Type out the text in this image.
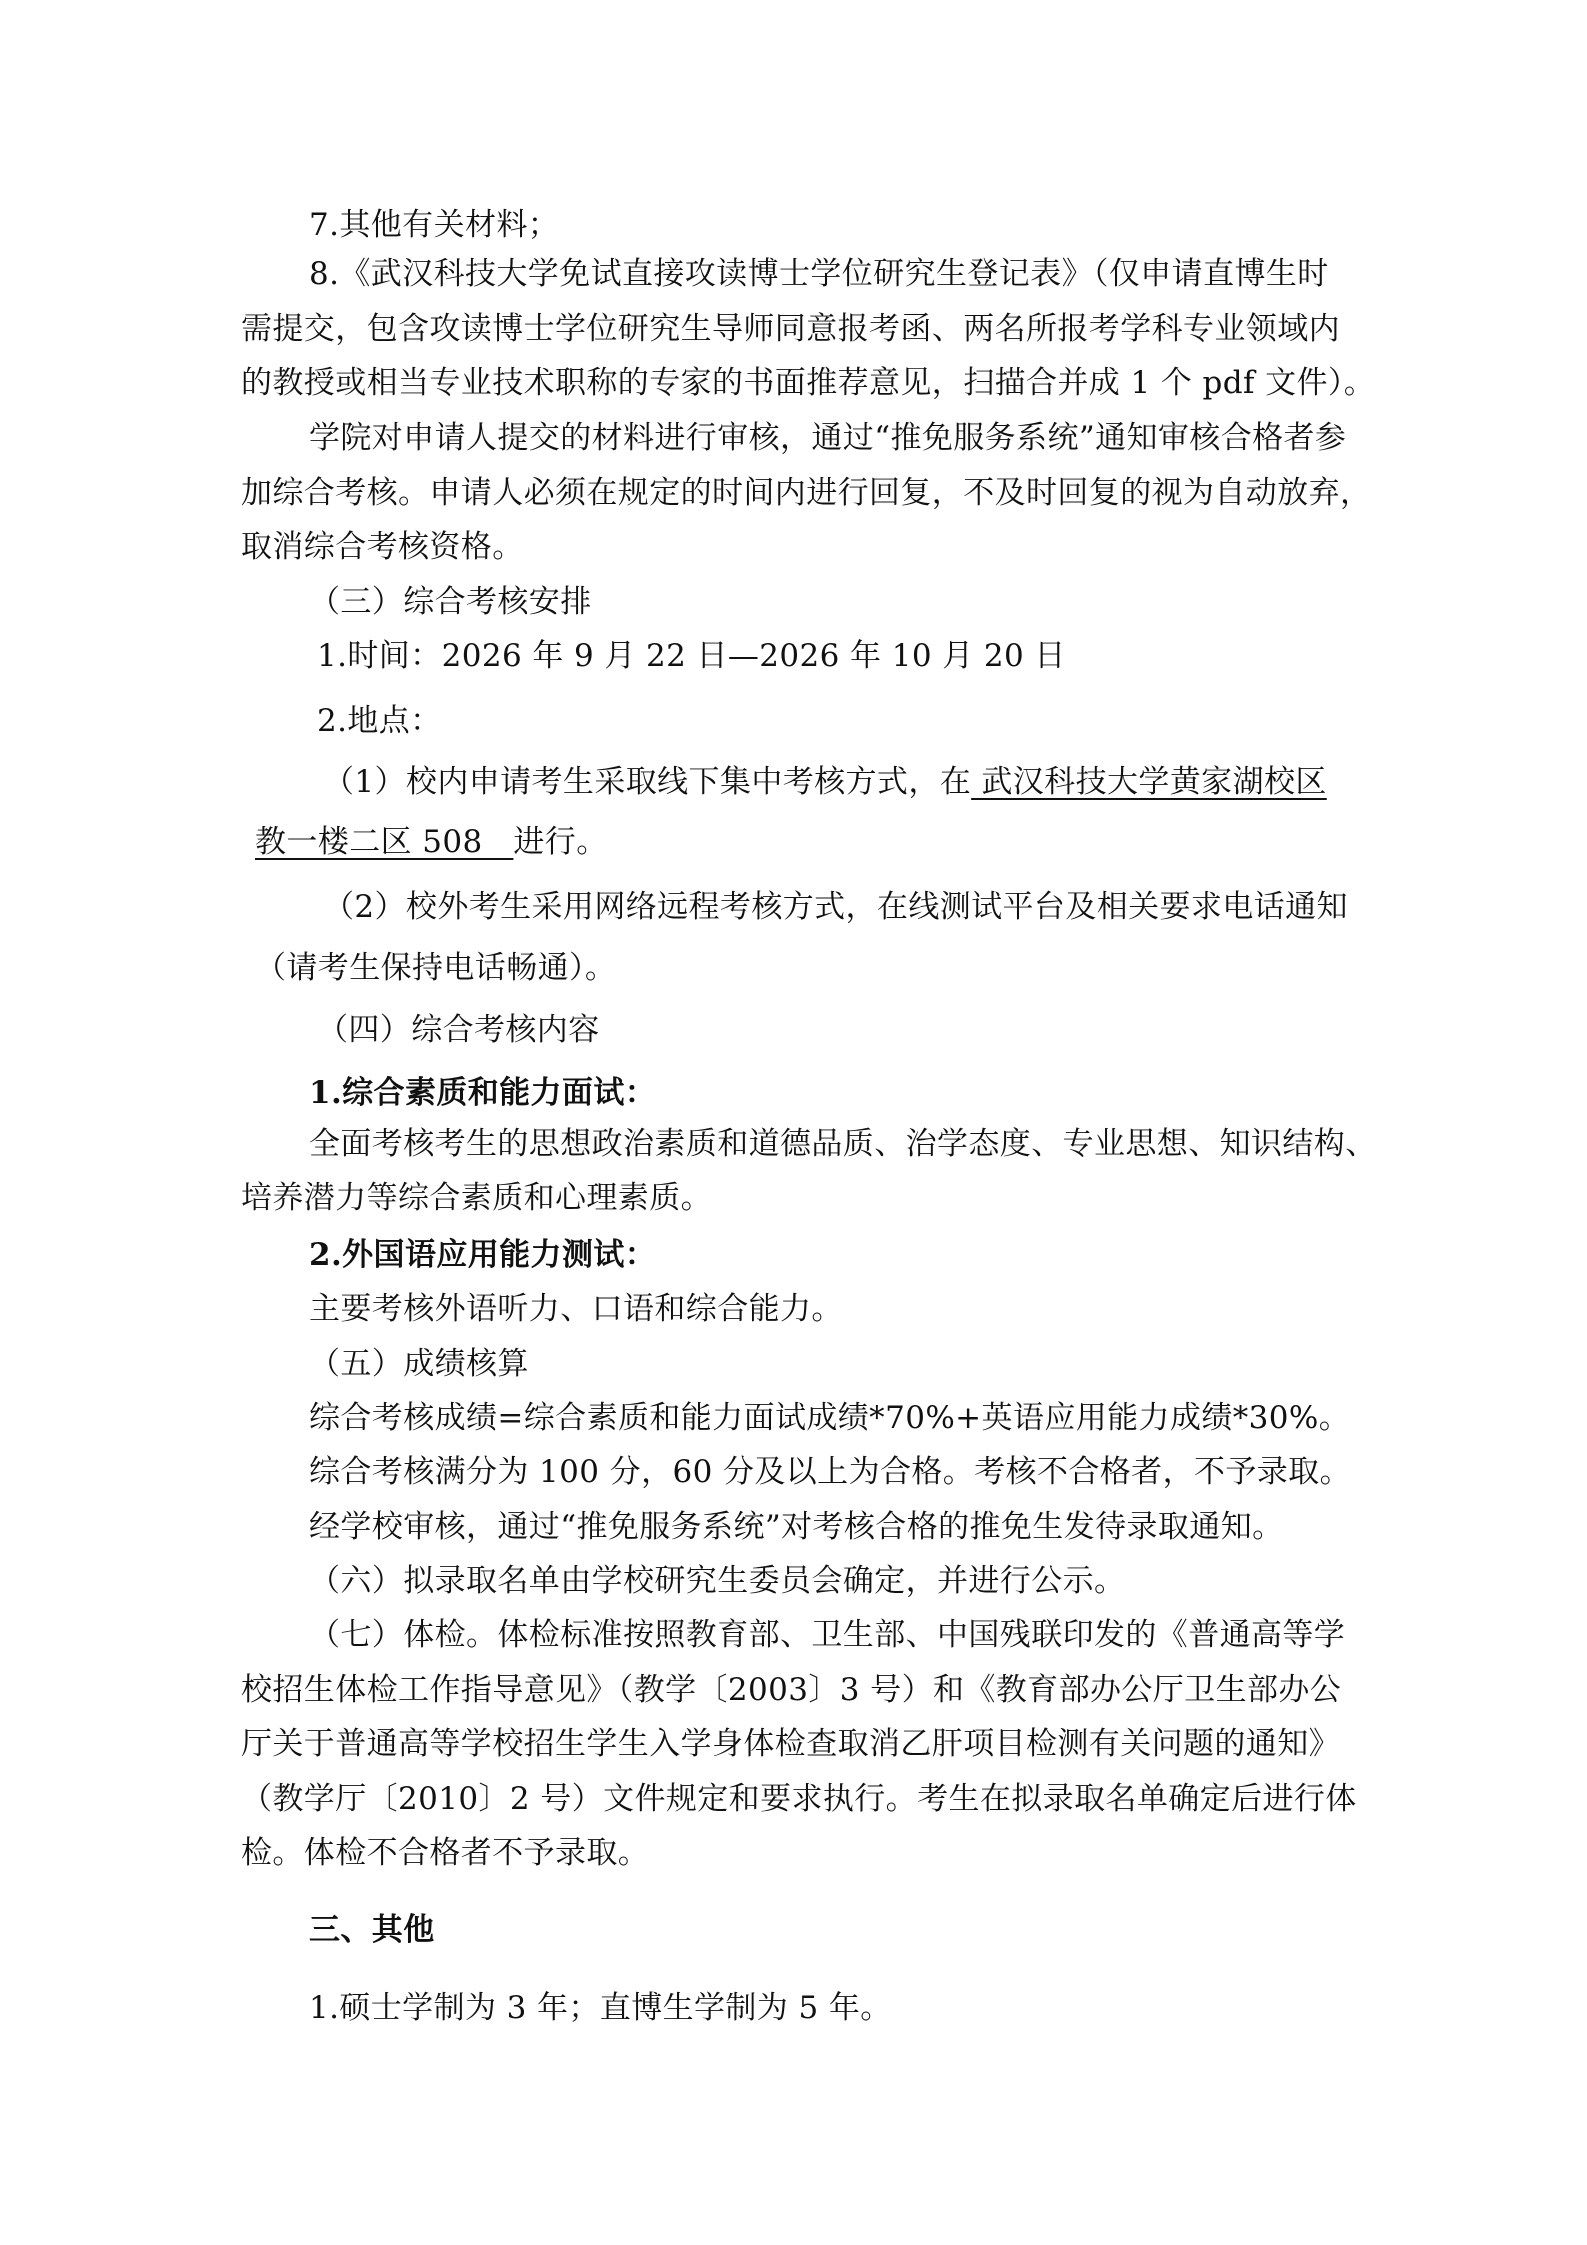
7.其他有关材料；

8.《武汉科技大学免试直接攻读博士学位研究生登记表》（仅申请直博生时

需提交，包含攻读博士学位研究生导师同意报考函、两名所报考学科专业领域内

的教授或相当专业技术职称的专家的书面推荐意见，扫描合并成 1 个 pdf 文件）。

学院对申请人提交的材料进行审核，通过“推免服务系统”通知审核合格者参

加综合考核。申请人必须在规定的时间内进行回复，不及时回复的视为自动放弃，

取消综合考核资格。

（三）综合考核安排

1.时间：2026 年 9 月 22 日—2026 年 10 月 20 日

2.地点：

（1）校内申请考生采取线下集中考核方式，在 武汉科技大学黄家湖校区

教一楼二区 508   进行。

（2）校外考生采用网络远程考核方式，在线测试平台及相关要求电话通知

（请考生保持电话畅通）。

（四）综合考核内容

1.综合素质和能力面试：

全面考核考生的思想政治素质和道德品质、治学态度、专业思想、知识结构、

培养潜力等综合素质和心理素质。

2.外国语应用能力测试：

主要考核外语听力、口语和综合能力。

（五）成绩核算

综合考核成绩=综合素质和能力面试成绩*70%+英语应用能力成绩*30%。

综合考核满分为 100 分，60 分及以上为合格。考核不合格者，不予录取。

经学校审核，通过“推免服务系统”对考核合格的推免生发待录取通知。

（六）拟录取名单由学校研究生委员会确定，并进行公示。

（七）体检。体检标准按照教育部、卫生部、中国残联印发的《普通高等学

校招生体检工作指导意见》（教学〔2003〕3 号）和《教育部办公厅卫生部办公

厅关于普通高等学校招生学生入学身体检查取消乙肝项目检测有关问题的通知》

（教学厅〔2010〕2 号）文件规定和要求执行。考生在拟录取名单确定后进行体

检。体检不合格者不予录取。

三、其他

1.硕士学制为 3 年；直博生学制为 5 年。
